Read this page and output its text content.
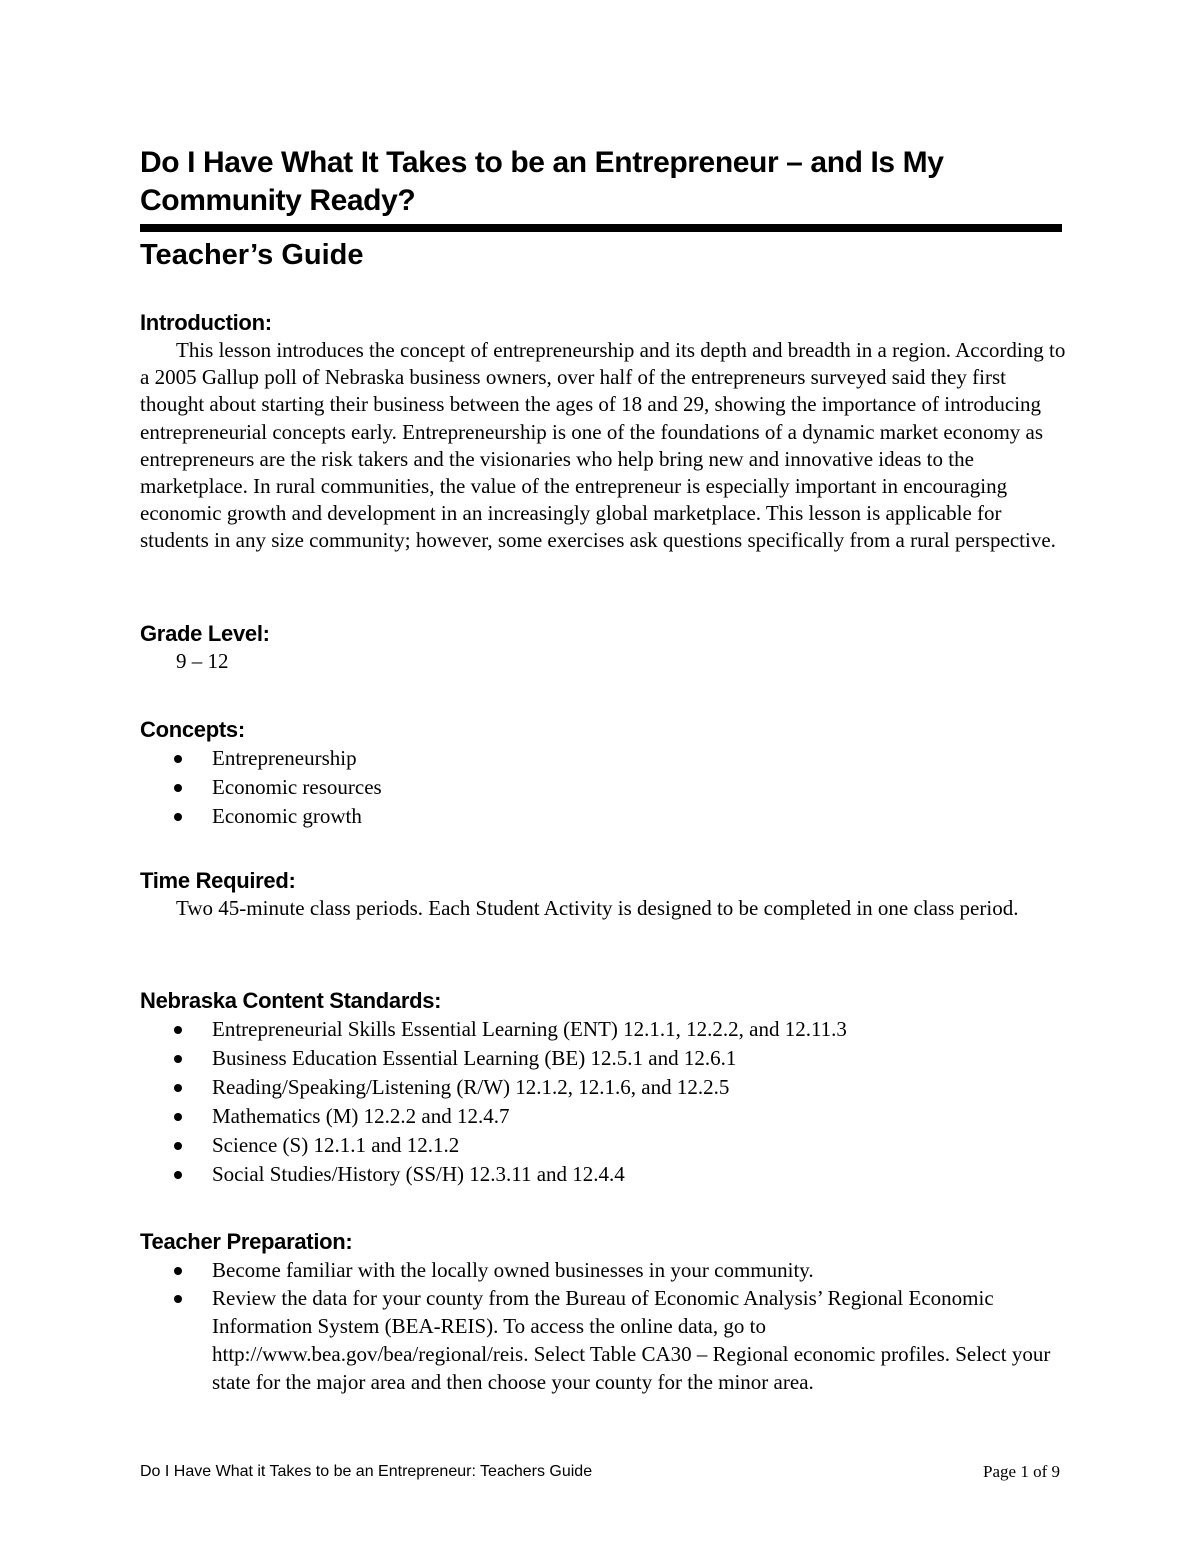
Do I Have What It Takes to be an Entrepreneur – and Is My Community Ready?
Teacher’s Guide
Introduction:

This lesson introduces the concept of entrepreneurship and its depth and breadth in a region. According to a 2005 Gallup poll of Nebraska business owners, over half of the entrepreneurs surveyed said they first thought about starting their business between the ages of 18 and 29, showing the importance of introducing entrepreneurial concepts early. Entrepreneurship is one of the foundations of a dynamic market economy as entrepreneurs are the risk takers and the visionaries who help bring new and innovative ideas to the marketplace. In rural communities, the value of the entrepreneur is especially important in encouraging economic growth and development in an increasingly global marketplace. This lesson is applicable for students in any size community; however, some exercises ask questions specifically from a rural perspective.

Grade Level:

9 – 12

Concepts:
Entrepreneurship
Economic resources
Economic growth
Time Required:

Two 45-minute class periods. Each Student Activity is designed to be completed in one class period.

Nebraska Content Standards:
Entrepreneurial Skills Essential Learning (ENT) 12.1.1, 12.2.2, and 12.11.3
Business Education Essential Learning (BE) 12.5.1 and 12.6.1
Reading/Speaking/Listening (R/W) 12.1.2, 12.1.6, and 12.2.5
Mathematics (M) 12.2.2 and 12.4.7
Science (S) 12.1.1 and 12.1.2
Social Studies/History (SS/H) 12.3.11 and 12.4.4
Teacher Preparation:
Become familiar with the locally owned businesses in your community.
Review the data for your county from the Bureau of Economic Analysis’ Regional Economic Information System (BEA-REIS). To access the online data, go to http://www.bea.gov/bea/regional/reis. Select Table CA30 – Regional economic profiles. Select your state for the major area and then choose your county for the minor area.
Do I Have What it Takes to be an Entrepreneur: Teachers Guide	Page 1 of 9
